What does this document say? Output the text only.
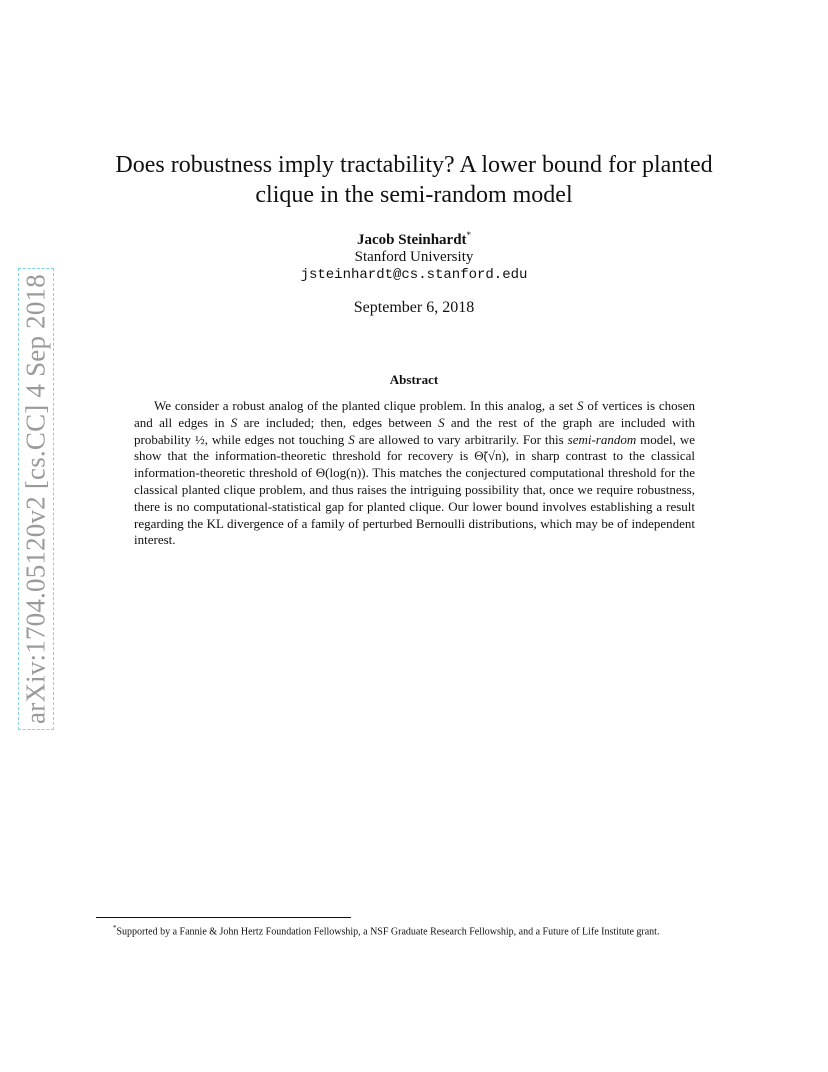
arXiv:1704.05120v2 [cs.CC] 4 Sep 2018
Does robustness imply tractability? A lower bound for planted clique in the semi-random model
Jacob Steinhardt*
Stanford University
jsteinhardt@cs.stanford.edu
September 6, 2018
Abstract

We consider a robust analog of the planted clique problem. In this analog, a set S of vertices is chosen and all edges in S are included; then, edges between S and the rest of the graph are included with probability ½, while edges not touching S are allowed to vary arbitrarily. For this semi-random model, we show that the information-theoretic threshold for recovery is Θ̃(√n), in sharp contrast to the classical information-theoretic threshold of Θ(log(n)). This matches the conjectured computational threshold for the classical planted clique problem, and thus raises the intriguing possibility that, once we require robustness, there is no computational-statistical gap for planted clique. Our lower bound involves establishing a result regarding the KL divergence of a family of perturbed Bernoulli distributions, which may be of independent interest.

*Supported by a Fannie & John Hertz Foundation Fellowship, a NSF Graduate Research Fellowship, and a Future of Life Institute grant.
